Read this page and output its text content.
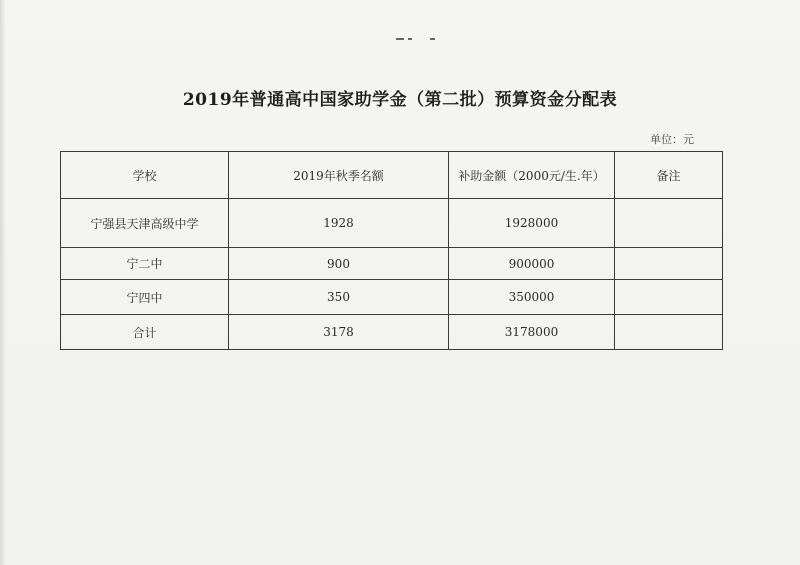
2019年普通高中国家助学金（第二批）预算资金分配表
单位：元
学校	2019年秋季名额	补助金额（2000元/生.年）	备注
宁强县天津高级中学	1928	1928000	
宁二中	900	900000	
宁四中	350	350000	
合计	3178	3178000	
